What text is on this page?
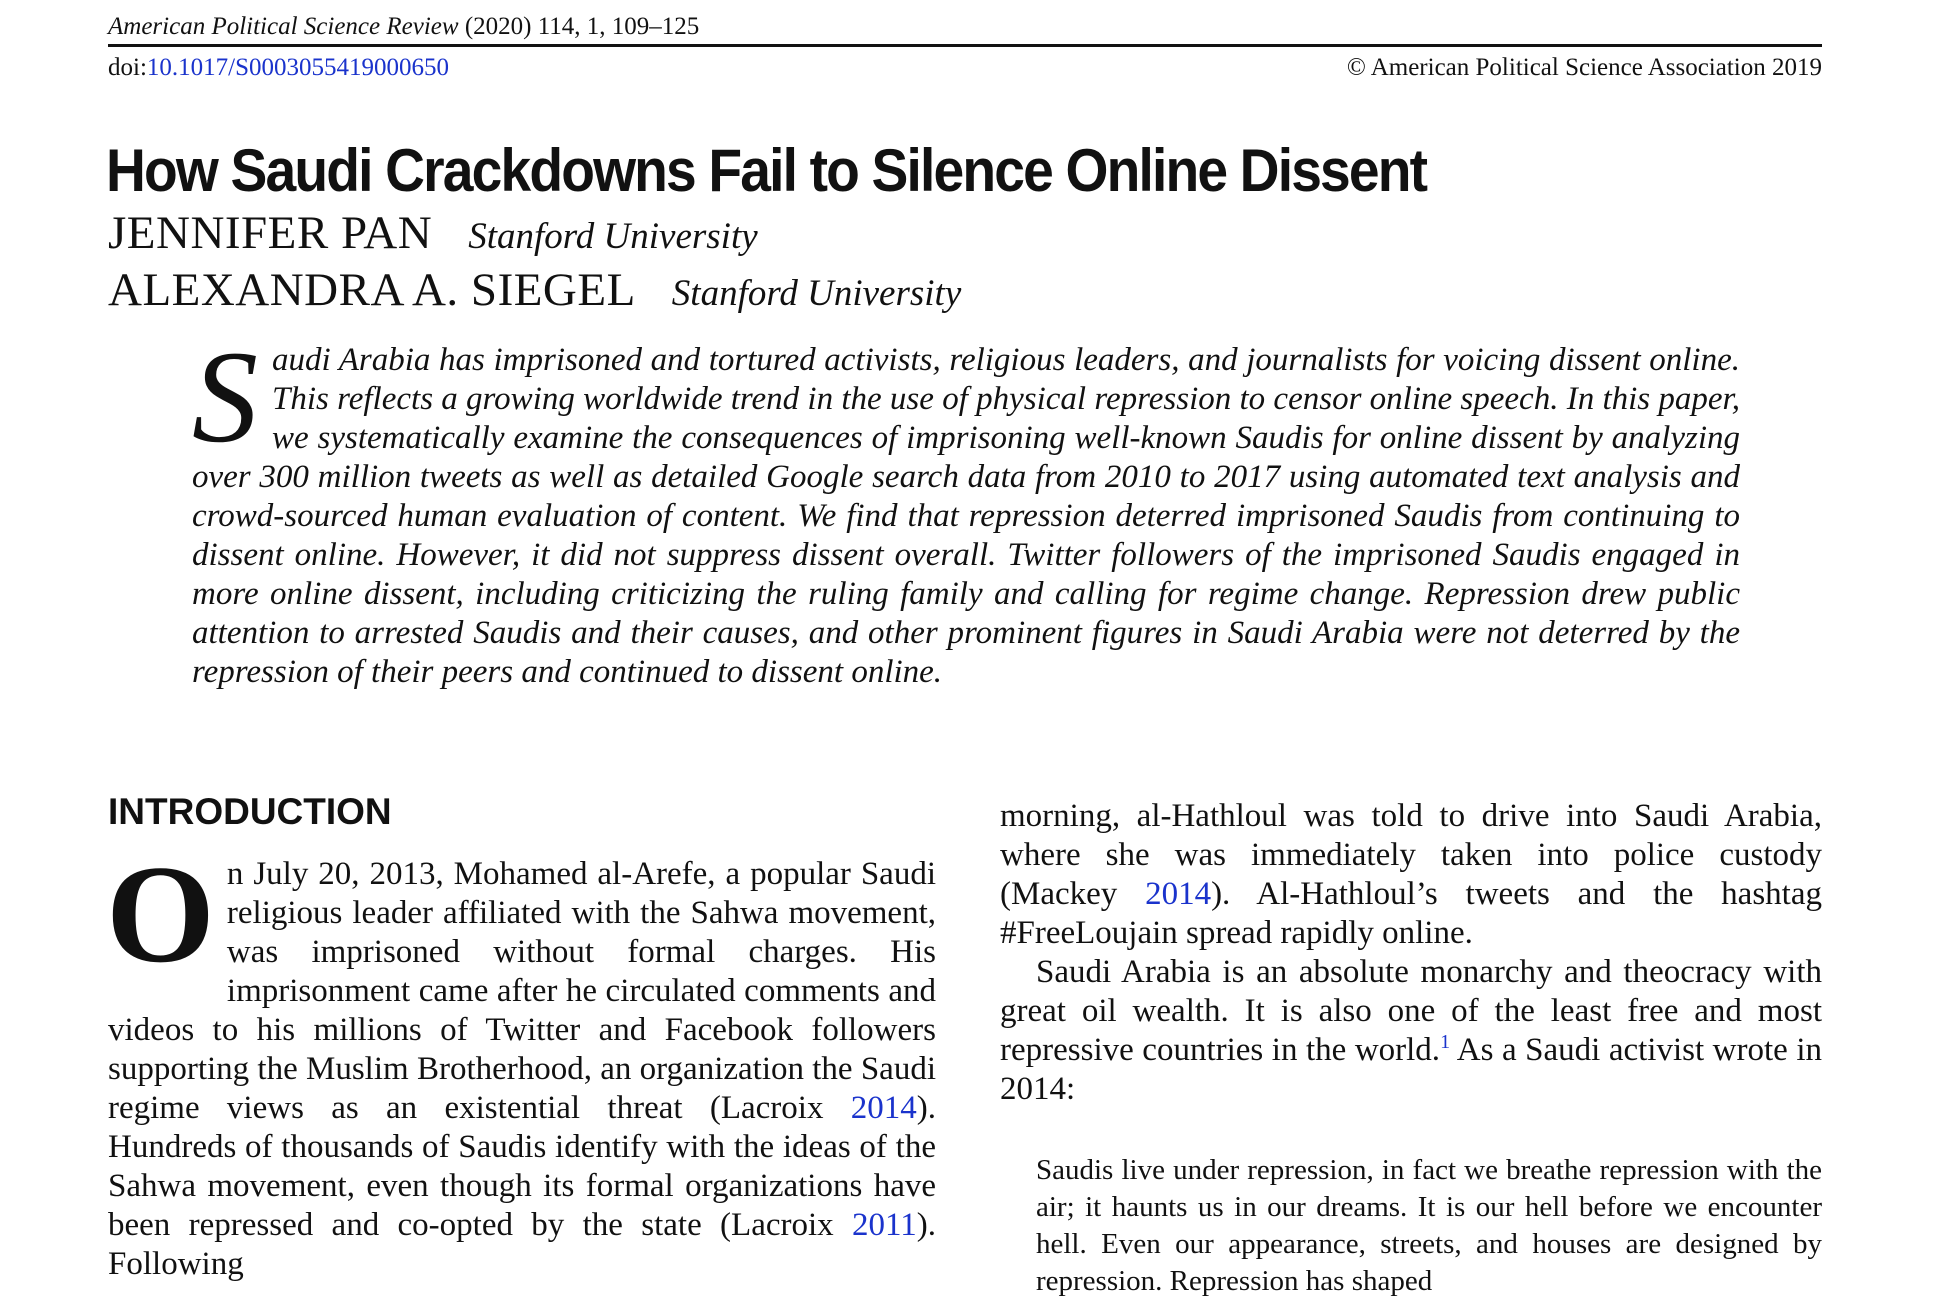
American Political Science Review (2020) 114, 1, 109–125
doi:10.1017/S0003055419000650	© American Political Science Association 2019
How Saudi Crackdowns Fail to Silence Online Dissent
JENNIFER PAN Stanford University
ALEXANDRA A. SIEGEL Stanford University
Saudi Arabia has imprisoned and tortured activists, religious leaders, and journalists for voicing dissent online. This reflects a growing worldwide trend in the use of physical repression to censor online speech. In this paper, we systematically examine the consequences of imprisoning well-known Saudis for online dissent by analyzing over 300 million tweets as well as detailed Google search data from 2010 to 2017 using automated text analysis and crowd-sourced human evaluation of content. We find that repression deterred imprisoned Saudis from continuing to dissent online. However, it did not suppress dissent overall. Twitter followers of the imprisoned Saudis engaged in more online dissent, including criticizing the ruling family and calling for regime change. Repression drew public attention to arrested Saudis and their causes, and other prominent figures in Saudi Arabia were not deterred by the repression of their peers and continued to dissent online.
INTRODUCTION
On July 20, 2013, Mohamed al-Arefe, a popular Saudi religious leader affiliated with the Sahwa movement, was imprisoned without formal charges. His imprisonment came after he circulated comments and videos to his millions of Twitter and Facebook followers supporting the Muslim Brotherhood, an organization the Saudi regime views as an existential threat (Lacroix 2014). Hundreds of thousands of Saudis identify with the ideas of the Sahwa movement, even though its formal organizations have been repressed and co-opted by the state (Lacroix 2011). Following

morning, al-Hathloul was told to drive into Saudi Arabia, where she was immediately taken into police custody (Mackey 2014). Al-Hathloul’s tweets and the hashtag #FreeLoujain spread rapidly online.

Saudi Arabia is an absolute monarchy and theocracy with great oil wealth. It is also one of the least free and most repressive countries in the world.$^1$ As a Saudi activist wrote in 2014:

Saudis live under repression, in fact we breathe repression with the air; it haunts us in our dreams. It is our hell before we encounter hell. Even our appearance, streets, and houses are designed by repression. Repression has shaped
